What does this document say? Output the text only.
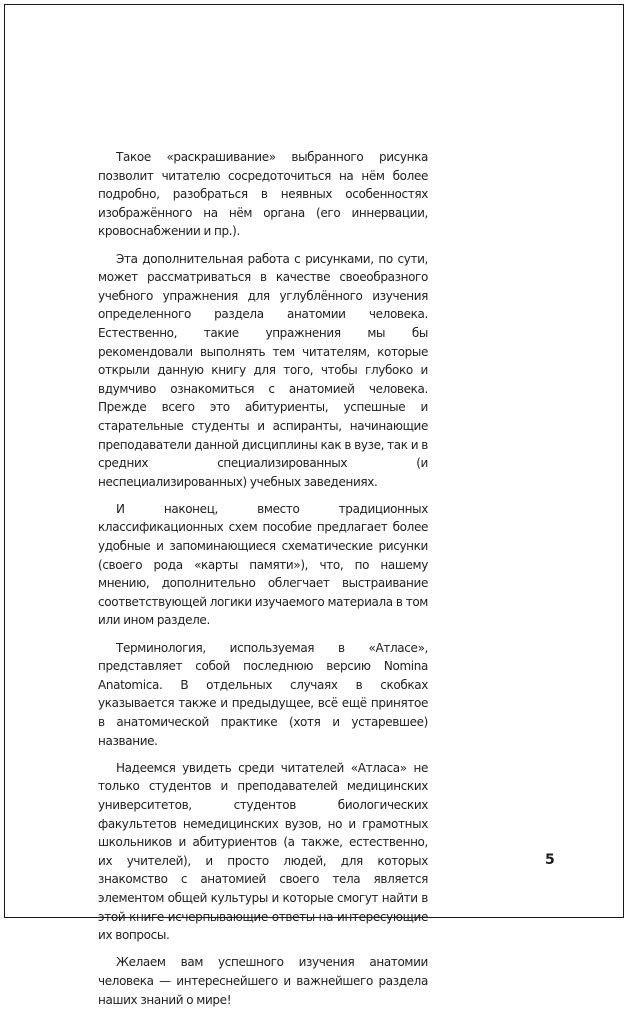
Такое «раскрашивание» выбранного рисунка позволит читателю сосредоточиться на нём более подробно, разобраться в неявных особенностях изображённого на нём органа (его иннервации, кровоснабжении и пр.).

Эта дополнительная работа с рисунками, по сути, может рассматриваться в качестве своеобразного учебного упражнения для углублённого изучения определенного раздела анатомии человека. Естественно, такие упражнения мы бы рекомендовали выполнять тем читателям, которые открыли данную книгу для того, чтобы глубоко и вдумчиво ознакомиться с анатомией человека. Прежде всего это абитуриенты, успешные и старательные студенты и аспиранты, начинающие преподаватели данной дисциплины как в вузе, так и в средних специализированных (и неспециализированных) учебных заведениях.

И наконец, вместо традиционных классификационных схем пособие предлагает более удобные и запоминающиеся схематические рисунки (своего рода «карты памяти»), что, по нашему мнению, дополнительно облегчает выстраивание соответствующей логики изучаемого материала в том или ином разделе.

Терминология, используемая в «Атласе», представляет собой последнюю версию Nomina Anatomica. В отдельных случаях в скобках указывается также и предыдущее, всё ещё принятое в анатомической практике (хотя и устаревшее) название.

Надеемся увидеть среди читателей «Атласа» не только студентов и преподавателей медицинских университетов, студентов биологических факультетов немедицинских вузов, но и грамотных школьников и абитуриентов (а также, естественно, их учителей), и просто людей, для которых знакомство с анатомией своего тела является элементом общей культуры и которые смогут найти в этой книге исчерпывающие ответы на интересующие их вопросы.

Желаем вам успешного изучения анатомии человека — интереснейшего и важнейшего раздела наших знаний о мире!

5
